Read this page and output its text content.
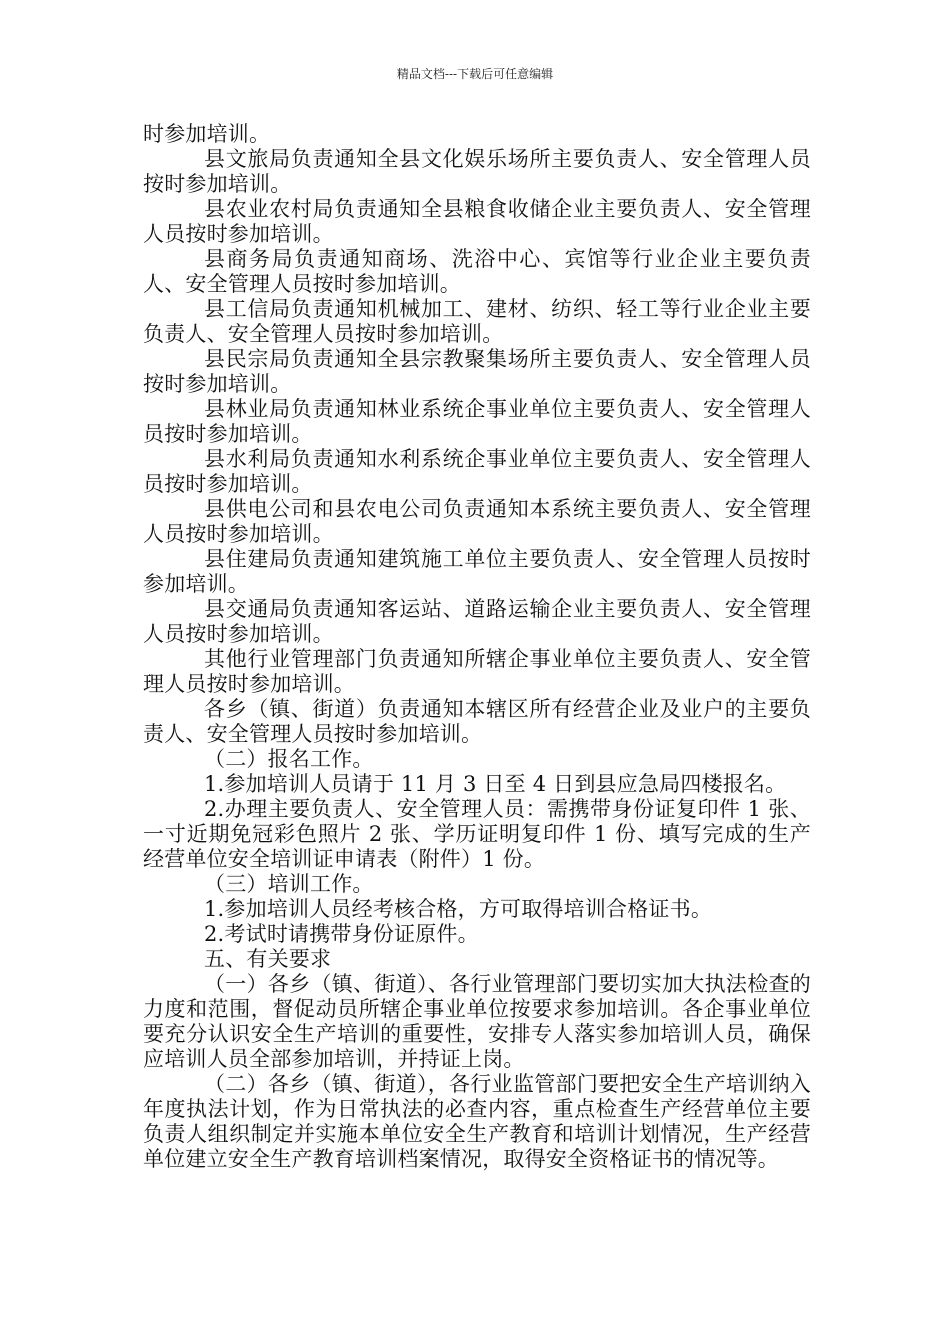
精品文档---下载后可任意编辑

时参加培训。

县文旅局负责通知全县文化娱乐场所主要负责人、安全管理人员按时参加培训。

县农业农村局负责通知全县粮食收储企业主要负责人、安全管理人员按时参加培训。

县商务局负责通知商场、洗浴中心、宾馆等行业企业主要负责人、安全管理人员按时参加培训。

县工信局负责通知机械加工、建材、纺织、轻工等行业企业主要负责人、安全管理人员按时参加培训。

县民宗局负责通知全县宗教聚集场所主要负责人、安全管理人员按时参加培训。

县林业局负责通知林业系统企事业单位主要负责人、安全管理人员按时参加培训。

县水利局负责通知水利系统企事业单位主要负责人、安全管理人员按时参加培训。

县供电公司和县农电公司负责通知本系统主要负责人、安全管理人员按时参加培训。

县住建局负责通知建筑施工单位主要负责人、安全管理人员按时参加培训。

县交通局负责通知客运站、道路运输企业主要负责人、安全管理人员按时参加培训。

其他行业管理部门负责通知所辖企事业单位主要负责人、安全管理人员按时参加培训。

各乡（镇、街道）负责通知本辖区所有经营企业及业户的主要负责人、安全管理人员按时参加培训。

（二）报名工作。

1.参加培训人员请于 11 月 3 日至 4 日到县应急局四楼报名。

2.办理主要负责人、安全管理人员：需携带身份证复印件 1 张、一寸近期免冠彩色照片 2 张、学历证明复印件 1 份、填写完成的生产经营单位安全培训证申请表（附件）1 份。

（三）培训工作。

1.参加培训人员经考核合格，方可取得培训合格证书。

2.考试时请携带身份证原件。

五、有关要求

（一）各乡（镇、街道）、各行业管理部门要切实加大执法检查的力度和范围，督促动员所辖企事业单位按要求参加培训。各企事业单位要充分认识安全生产培训的重要性，安排专人落实参加培训人员，确保应培训人员全部参加培训，并持证上岗。

（二）各乡（镇、街道），各行业监管部门要把安全生产培训纳入年度执法计划，作为日常执法的必查内容，重点检查生产经营单位主要负责人组织制定并实施本单位安全生产教育和培训计划情况，生产经营单位建立安全生产教育培训档案情况，取得安全资格证书的情况等。
